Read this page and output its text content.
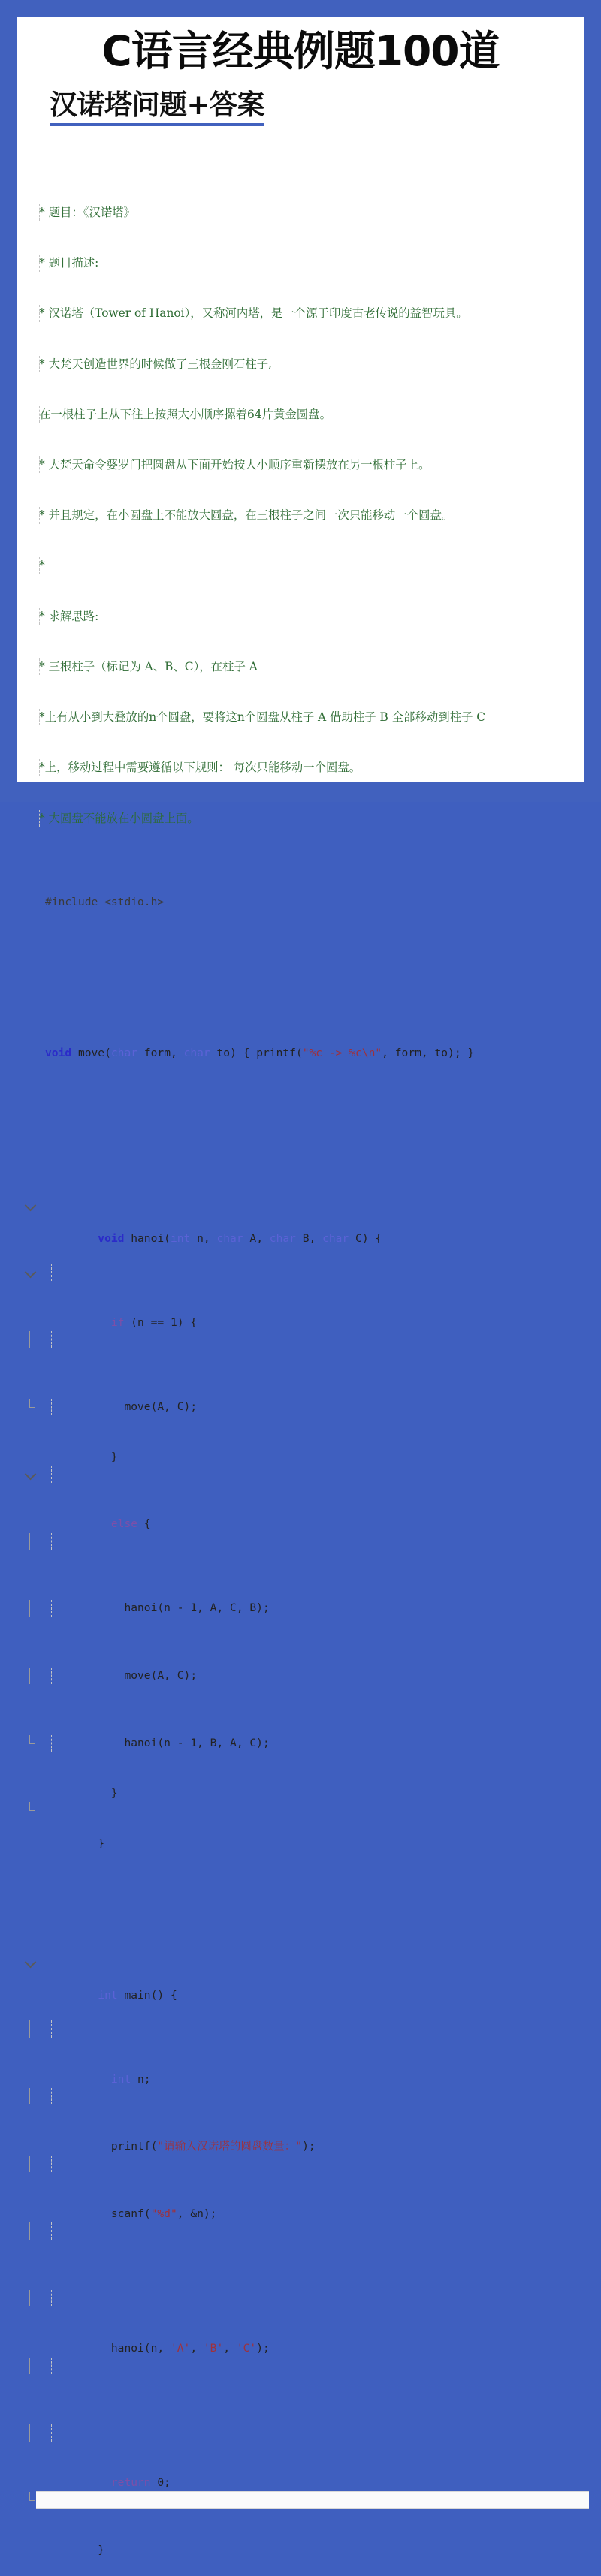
C语言经典例题100道
汉诺塔问题+答案

* 题目：《汉诺塔》

* 题目描述:

* 汉诺塔（Tower of Hanoi），又称河内塔，是一个源于印度古老传说的益智玩具。

* 大梵天创造世界的时候做了三根金刚石柱子,

在一根柱子上从下往上按照大小顺序摞着64片黄金圆盘。

* 大梵天命令婆罗门把圆盘从下面开始按大小顺序重新摆放在另一根柱子上。

* 并且规定，在小圆盘上不能放大圆盘，在三根柱子之间一次只能移动一个圆盘。

*

* 求解思路:

* 三根柱子（标记为 A、B、C），在柱子 A

*上有从小到大叠放的n个圆盘，要将这n个圆盘从柱子 A 借助柱子 B 全部移动到柱子 C

*上，移动过程中需要遵循以下规则： 每次只能移动一个圆盘。

* 大圆盘不能放在小圆盘上面。

#include <stdio.h>

void move(char form, char to) { printf("%c -> %c\n", form, to); }

void hanoi(int n, char A, char B, char C) {

if (n == 1) {

move(A, C);

}

else {

hanoi(n - 1, A, C, B);

move(A, C);

hanoi(n - 1, B, A, C);

}

}

int main() {

int n;

printf("请输入汉诺塔的圆盘数量：");

scanf("%d", &n);

hanoi(n, 'A', 'B', 'C');

return 0;

}
